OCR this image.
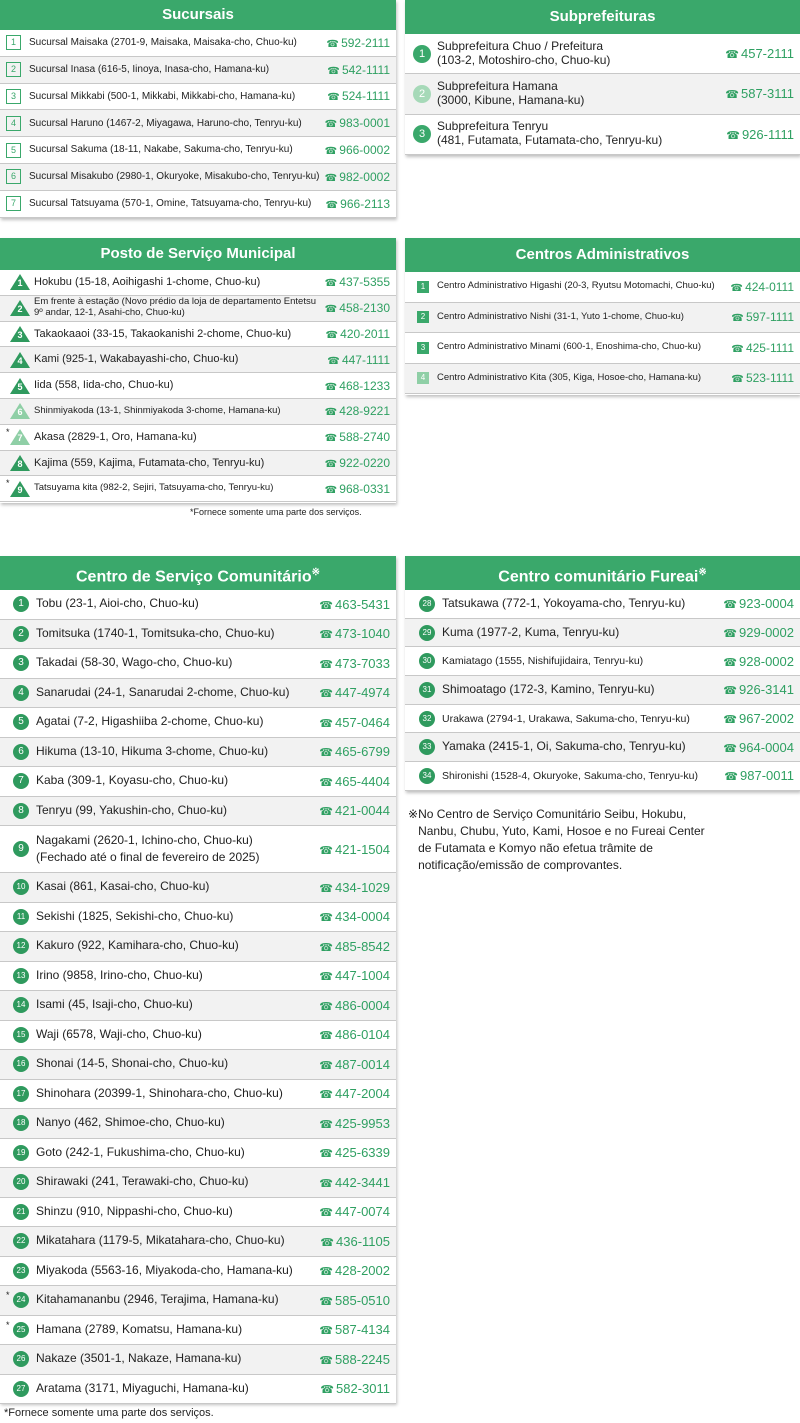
Sucursais
1	Sucursal Maisaka (2701-9, Maisaka, Maisaka-cho, Chuo-ku)	☎ 592-2111
2	Sucursal Inasa (616-5, Iinoya, Inasa-cho, Hamana-ku)	☎ 542-1111
3	Sucursal Mikkabi (500-1, Mikkabi, Mikkabi-cho, Hamana-ku)	☎ 524-1111
4	Sucursal Haruno (1467-2, Miyagawa, Haruno-cho, Tenryu-ku)	☎ 983-0001
5	Sucursal Sakuma (18-11, Nakabe, Sakuma-cho, Tenryu-ku)	☎ 966-0002
6	Sucursal Misakubo (2980-1, Okuryoke, Misakubo-cho, Tenryu-ku) ☎ 982-0002
7	Sucursal Tatsuyama (570-1, Omine, Tatsuyama-cho, Tenryu-ku)	☎ 966-2113
Subprefeituras
1
Subprefeitura Chuo / Prefeitura
(103-2, Motoshiro-cho, Chuo-ku)	☎ 457-2111
2
Subprefeitura Hamana
(3000, Kibune, Hamana-ku)	☎ 587-3111
3
Subprefeitura Tenryu
(481, Futamata, Futamata-cho, Tenryu-ku)	☎ 926-1111
Posto de Serviço Municipal
1	Hokubu (15-18, Aoihigashi 1-chome, Chuo-ku)	☎ 437-5355
2
Em frente à estação (Novo prédio da loja de departamento Entetsu 9º andar, 12-1, Asahi-cho, Chuo-ku)	☎ 458-2130
3	Takaokaaoi (33-15, Takaokanishi 2-chome, Chuo-ku)	☎ 420-2011
4	Kami (925-1, Wakabayashi-cho, Chuo-ku)	☎ 447-1111
5	Iida (558, Iida-cho, Chuo-ku)	☎ 468-1233
6	Shinmiyakoda (13-1, Shinmiyakoda 3-chome, Hamana-ku)	☎ 428-9221
*
7	Akasa (2829-1, Oro, Hamana-ku)	☎ 588-2740
8	Kajima (559, Kajima, Futamata-cho, Tenryu-ku)	☎ 922-0220
*
9	Tatsuyama kita (982-2, Sejiri, Tatsuyama-cho, Tenryu-ku)	☎ 968-0331
*Fornece somente uma parte dos serviços.
Centros Administrativos
1	Centro Administrativo Higashi (20-3, Ryutsu Motomachi, Chuo-ku)	☎ 424-0111
2	Centro Administrativo Nishi (31-1, Yuto 1-chome, Chuo-ku)	☎ 597-1111
3	Centro Administrativo Minami (600-1, Enoshima-cho, Chuo-ku)	☎ 425-1111
4	Centro Administrativo Kita (305, Kiga, Hosoe-cho, Hamana-ku)	☎ 523-1111
Centro de Serviço Comunitário※
1	Tobu (23-1, Aioi-cho, Chuo-ku)	☎ 463-5431
2	Tomitsuka (1740-1, Tomitsuka-cho, Chuo-ku)	☎ 473-1040
3	Takadai (58-30, Wago-cho, Chuo-ku)	☎ 473-7033
4	Sanarudai (24-1, Sanarudai 2-chome, Chuo-ku)	☎ 447-4974
5	Agatai (7-2, Higashiiba 2-chome, Chuo-ku)	☎ 457-0464
6	Hikuma (13-10, Hikuma 3-chome, Chuo-ku)	☎ 465-6799
7	Kaba (309-1, Koyasu-cho, Chuo-ku)	☎ 465-4404
8	Tenryu (99, Yakushin-cho, Chuo-ku)	☎ 421-0044
9
Nagakami (2620-1, Ichino-cho, Chuo-ku)
(Fechado até o final de fevereiro de 2025)	☎ 421-1504
10 Kasai (861, Kasai-cho, Chuo-ku)	☎ 434-1029
11 Sekishi (1825, Sekishi-cho, Chuo-ku)	☎ 434-0004
12 Kakuro (922, Kamihara-cho, Chuo-ku)	☎ 485-8542
13 Irino (9858, Irino-cho, Chuo-ku)	☎ 447-1004
14 Isami (45, Isaji-cho, Chuo-ku)	☎ 486-0004
15 Waji (6578, Waji-cho, Chuo-ku)	☎ 486-0104
16 Shonai (14-5, Shonai-cho, Chuo-ku)	☎ 487-0014
17 Shinohara (20399-1, Shinohara-cho, Chuo-ku)	☎ 447-2004
18 Nanyo (462, Shimoe-cho, Chuo-ku)	☎ 425-9953
19 Goto (242-1, Fukushima-cho, Chuo-ku)	☎ 425-6339
20 Shirawaki (241, Terawaki-cho, Chuo-ku)	☎ 442-3441
21 Shinzu (910, Nippashi-cho, Chuo-ku)	☎ 447-0074
22 Mikatahara (1179-5, Mikatahara-cho, Chuo-ku)	☎ 436-1105
23 Miyakoda (5563-16, Miyakoda-cho, Hamana-ku)	☎ 428-2002
* 24 Kitahamananbu (2946, Terajima, Hamana-ku)	☎ 585-0510
* 25 Hamana (2789, Komatsu, Hamana-ku)	☎ 587-4134
26 Nakaze (3501-1, Nakaze, Hamana-ku)	☎ 588-2245
27 Aratama (3171, Miyaguchi, Hamana-ku)	☎ 582-3011
*Fornece somente uma parte dos serviços.
Centro comunitário Fureai※
28 Tatsukawa (772-1, Yokoyama-cho, Tenryu-ku)	☎ 923-0004
29 Kuma (1977-2, Kuma, Tenryu-ku)	☎ 929-0002
30	Kamiatago (1555, Nishifujidaira, Tenryu-ku)	☎ 928-0002
31 Shimoatago (172-3, Kamino, Tenryu-ku)	☎ 926-3141
32	Urakawa (2794-1, Urakawa, Sakuma-cho, Tenryu-ku)	☎ 967-2002
33 Yamaka (2415-1, Oi, Sakuma-cho, Tenryu-ku)	☎ 964-0004
34	Shironishi (1528-4, Okuryoke, Sakuma-cho, Tenryu-ku)	☎ 987-0011
※ No Centro de Serviço Comunitário Seibu, Hokubu, Nanbu, Chubu, Yuto, Kami, Hosoe e no Fureai Center de Futamata e Komyo não efetua trâmite de notificação/emissão de comprovantes.
